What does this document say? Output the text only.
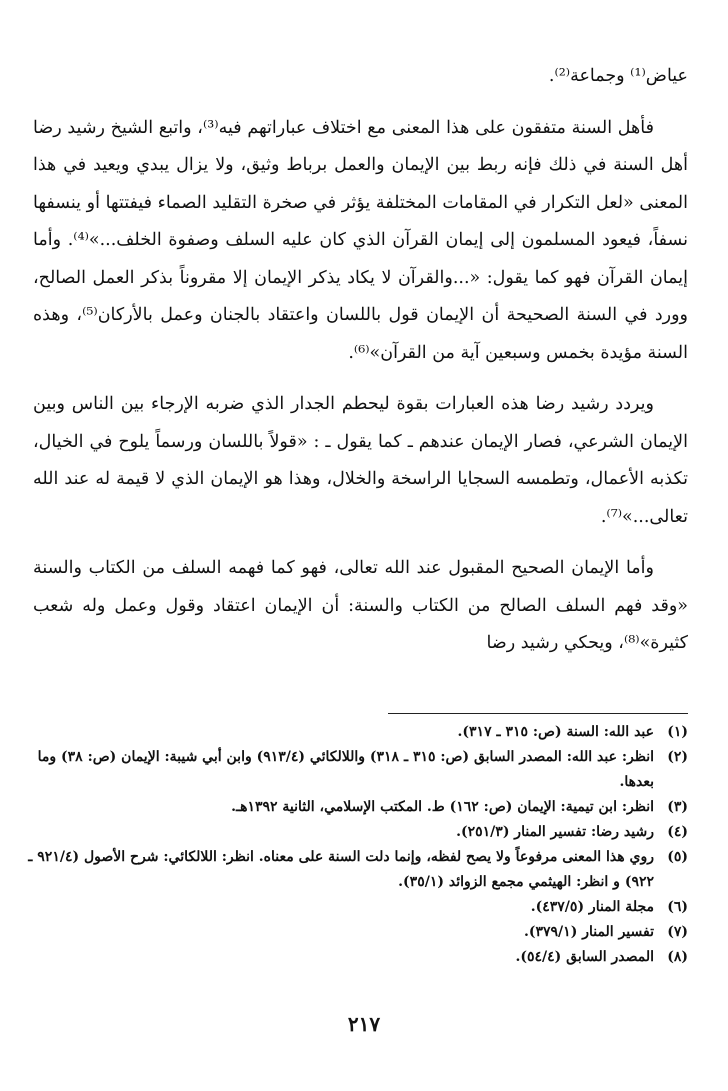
عياض⁽¹⁾ وجماعة⁽²⁾.

فأهل السنة متفقون على هذا المعنى مع اختلاف عباراتهم فيه⁽³⁾، واتبع الشيخ رشيد رضا أهل السنة في ذلك فإنه ربط بين الإيمان والعمل برباط وثيق، ولا يزال يبدي ويعيد في هذا المعنى «لعل التكرار في المقامات المختلفة يؤثر في صخرة التقليد الصماء فيفتتها أو ينسفها نسفاً، فيعود المسلمون إلى إيمان القرآن الذي كان عليه السلف وصفوة الخلف...»⁽⁴⁾. وأما إيمان القرآن فهو كما يقول: «...والقرآن لا يكاد يذكر الإيمان إلا مقروناً بذكر العمل الصالح، وورد في السنة الصحيحة أن الإيمان قول باللسان واعتقاد بالجنان وعمل بالأركان⁽⁵⁾، وهذه السنة مؤيدة بخمس وسبعين آية من القرآن»⁽⁶⁾.

ويردد رشيد رضا هذه العبارات بقوة ليحطم الجدار الذي ضربه الإرجاء بين الناس وبين الإيمان الشرعي، فصار الإيمان عندهم ـ كما يقول ـ : «قولاً باللسان ورسماً يلوح في الخيال، تكذبه الأعمال، وتطمسه السجايا الراسخة والخلال، وهذا هو الإيمان الذي لا قيمة له عند الله تعالى...»⁽⁷⁾.

وأما الإيمان الصحيح المقبول عند الله تعالى، فهو كما فهمه السلف من الكتاب والسنة «وقد فهم السلف الصالح من الكتاب والسنة: أن الإيمان اعتقاد وقول وعمل وله شعب كثيرة»⁽⁸⁾، ويحكي رشيد رضا

(١)
عبد الله: السنة (ص: ٣١٥ ـ ٣١٧).
(٢)
انظر: عبد الله: المصدر السابق (ص: ٣١٥ ـ ٣١٨) واللالكائي (٩١٣/٤) وابن أبي شيبة: الإيمان (ص: ٣٨) وما بعدها.
(٣)
انظر: ابن تيمية: الإيمان (ص: ١٦٢) ط. المكتب الإسلامي، الثانية ١٣٩٢هـ.
(٤)
رشيد رضا: تفسير المنار (٢٥١/٣).
(٥)
روي هذا المعنى مرفوعاً ولا يصح لفظه، وإنما دلت السنة على معناه. انظر: اللالكائي: شرح الأصول (٩٢١/٤ ـ ٩٢٢) و انظر: الهيثمي مجمع الزوائد (٣٥/١).
(٦)
مجلة المنار (٤٣٧/٥).
(٧)
تفسير المنار (٣٧٩/١).
(٨)
المصدر السابق (٥٤/٤).
٢١٧
